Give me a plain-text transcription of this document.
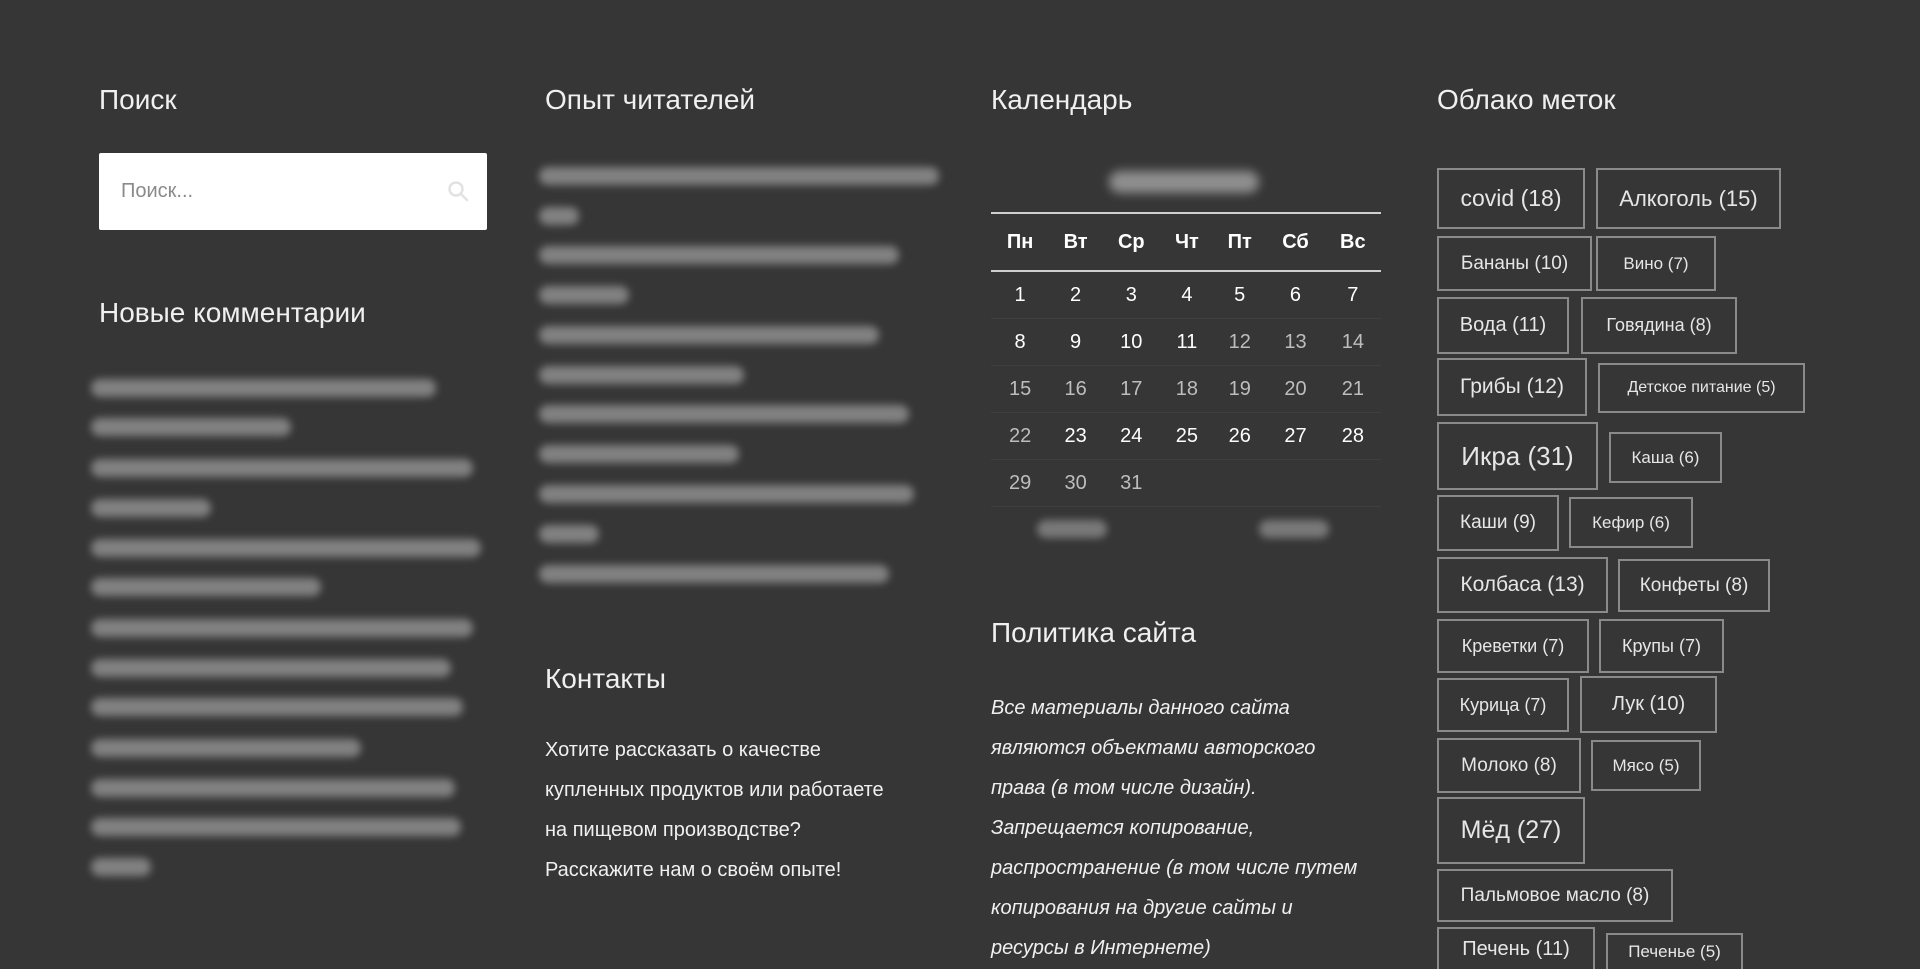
Поиск
Поиск...
Новые комментарии
Опыт читателей
Контакты
Хотите рассказать о качестве
купленных продуктов или работаете
на пищевом производстве?
Расскажите нам о своём опыте!
Календарь
Пн	Вт	Ср	Чт	Пт	Сб	Вс
1	2	3	4	5	6	7
8	9	10	11	12	13	14
15	16	17	18	19	20	21
22	23	24	25	26	27	28
29	30	31				
Политика сайта
Все материалы данного сайта
являются объектами авторского
права (в том числе дизайн).
Запрещается копирование,
распространение (в том числе путем
копирования на другие сайты и
ресурсы в Интернете)
Облако меток
covid (18)	Алкоголь (15)
Бананы (10)	Вино (7)
Вода (11)	Говядина (8)
Грибы (12)	Детское питание (5)
Икра (31)	Каша (6)
Каши (9)	Кефир (6)
Колбаса (13)	Конфеты (8)
Креветки (7)	Крупы (7)
Курица (7)	Лук (10)
Молоко (8)	Мясо (5)
Мёд (27)
Пальмовое масло (8)
Печень (11)	Печенье (5)
